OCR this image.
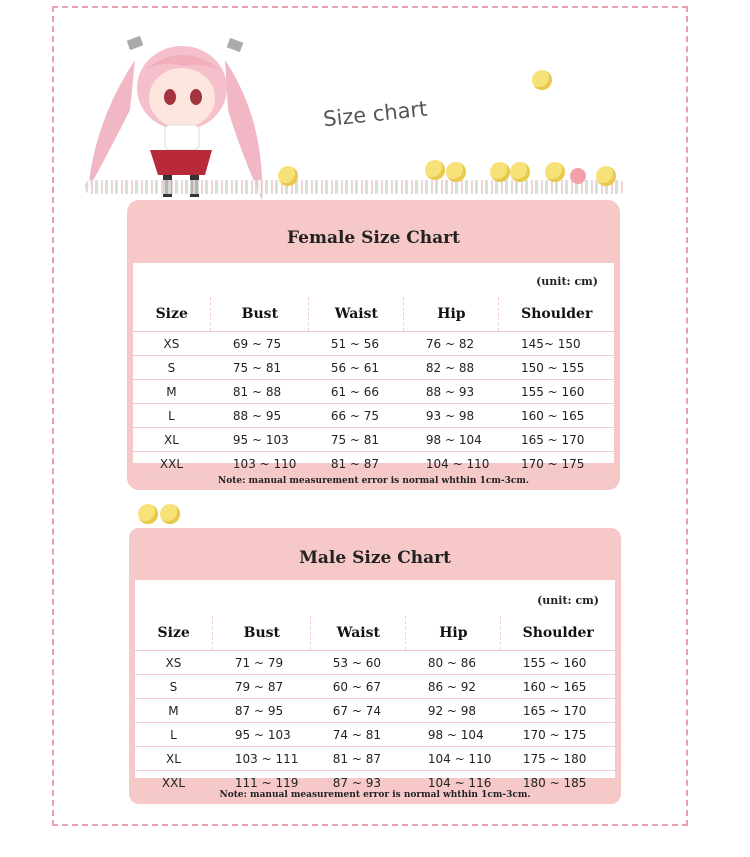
Size chart
Female Size Chart
(unit: cm)
Size	Bust	Waist	Hip	Shoulder
XS	69 ~ 75	51 ~ 56	76 ~ 82	145~ 150
S	75 ~ 81	56 ~ 61	82 ~ 88	150 ~ 155
M	81 ~ 88	61 ~ 66	88 ~ 93	155 ~ 160
L	88 ~ 95	66 ~ 75	93 ~ 98	160 ~ 165
XL	95 ~ 103	75 ~ 81	98 ~ 104	165 ~ 170
XXL	103 ~ 110	81 ~ 87	104 ~ 110	170 ~ 175
Note: manual measurement error is normal whthin 1cm-3cm.
Male Size Chart
(unit: cm)
Size	Bust	Waist	Hip	Shoulder
XS	71 ~ 79	53 ~ 60	80 ~ 86	155 ~ 160
S	79 ~ 87	60 ~ 67	86 ~ 92	160 ~ 165
M	87 ~ 95	67 ~ 74	92 ~ 98	165 ~ 170
L	95 ~ 103	74 ~ 81	98 ~ 104	170 ~ 175
XL	103 ~ 111	81 ~ 87	104 ~ 110	175 ~ 180
XXL	111 ~ 119	87 ~ 93	104 ~ 116	180 ~ 185
Note: manual measurement error is normal whthin 1cm-3cm.
